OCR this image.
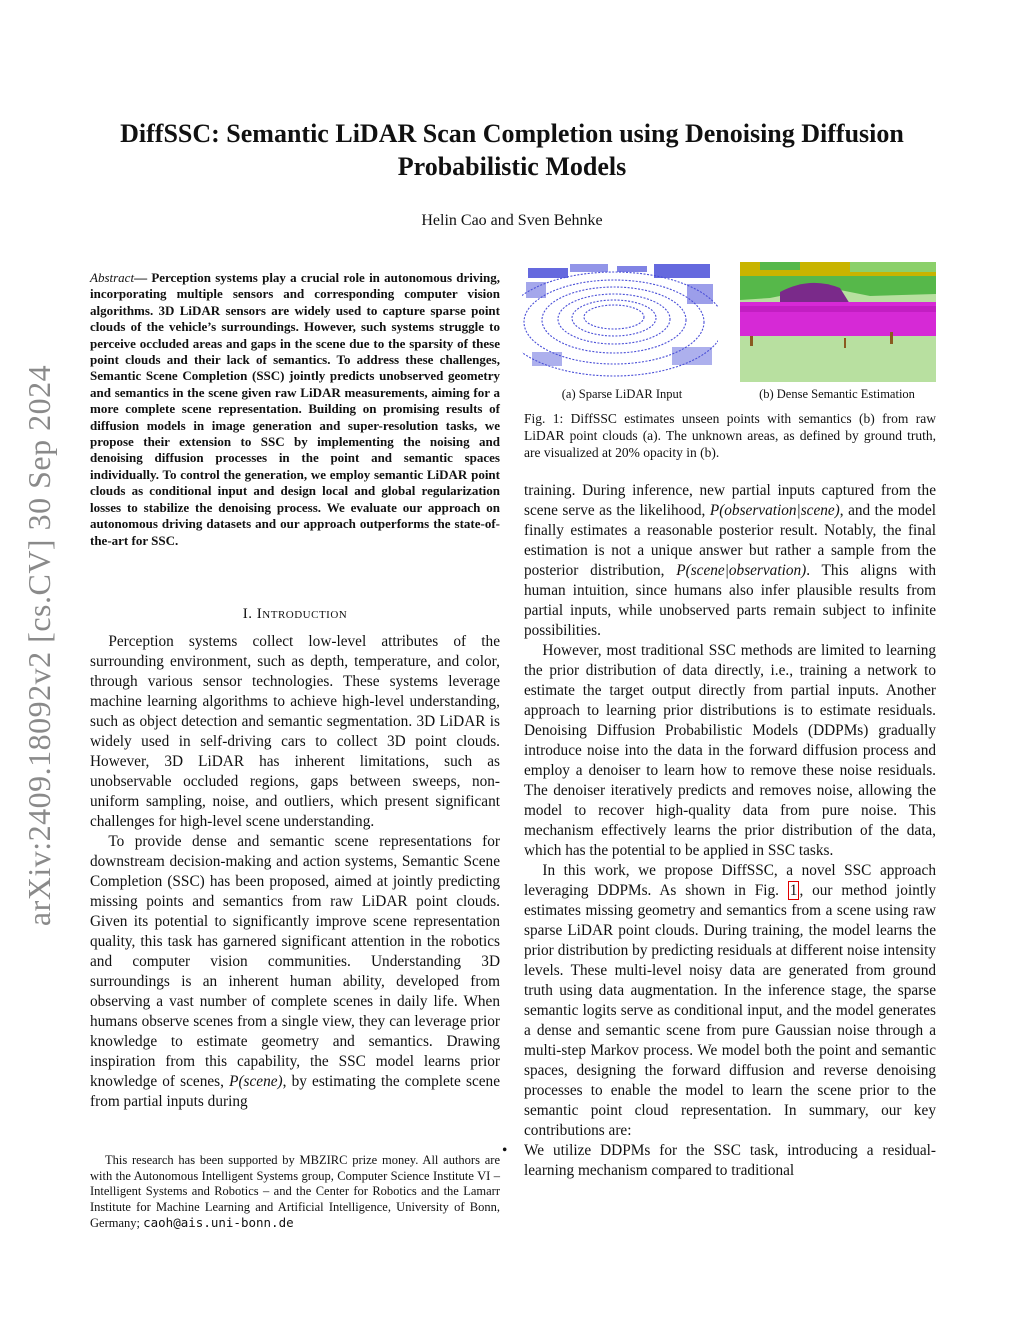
DiffSSC: Semantic LiDAR Scan Completion using Denoising Diffusion Probabilistic Models
Helin Cao and Sven Behnke
arXiv:2409.18092v2 [cs.CV] 30 Sep 2024
Abstract— Perception systems play a crucial role in autonomous driving, incorporating multiple sensors and corresponding computer vision algorithms. 3D LiDAR sensors are widely used to capture sparse point clouds of the vehicle’s surroundings. However, such systems struggle to perceive occluded areas and gaps in the scene due to the sparsity of these point clouds and their lack of semantics. To address these challenges, Semantic Scene Completion (SSC) jointly predicts unobserved geometry and semantics in the scene given raw LiDAR measurements, aiming for a more complete scene representation. Building on promising results of diffusion models in image generation and super-resolution tasks, we propose their extension to SSC by implementing the noising and denoising diffusion processes in the point and semantic spaces individually. To control the generation, we employ semantic LiDAR point clouds as conditional input and design local and global regularization losses to stabilize the denoising process. We evaluate our approach on autonomous driving datasets and our approach outperforms the state-of-the-art for SSC.
I. Introduction

Perception systems collect low-level attributes of the surrounding environment, such as depth, temperature, and color, through various sensor technologies. These systems leverage machine learning algorithms to achieve high-level understanding, such as object detection and semantic segmentation. 3D LiDAR is widely used in self-driving cars to collect 3D point clouds. However, 3D LiDAR has inherent limitations, such as unobservable occluded regions, gaps between sweeps, non-uniform sampling, noise, and outliers, which present significant challenges for high-level scene understanding.

To provide dense and semantic scene representations for downstream decision-making and action systems, Semantic Scene Completion (SSC) has been proposed, aimed at jointly predicting missing points and semantics from raw LiDAR point clouds. Given its potential to significantly improve scene representation quality, this task has garnered significant attention in the robotics and computer vision communities. Understanding 3D surroundings is an inherent human ability, developed from observing a vast number of complete scenes in daily life. When humans observe scenes from a single view, they can leverage prior knowledge to estimate geometry and semantics. Drawing inspiration from this capability, the SSC model learns prior knowledge of scenes, P(scene), by estimating the complete scene from partial inputs during

This research has been supported by MBZIRC prize money. All authors are with the Autonomous Intelligent Systems group, Computer Science Institute VI – Intelligent Systems and Robotics – and the Center for Robotics and the Lamarr Institute for Machine Learning and Artificial Intelligence, University of Bonn, Germany; caoh@ais.uni-bonn.de
(a) Sparse LiDAR Input	(b) Dense Semantic Estimation
Fig. 1: DiffSSC estimates unseen points with semantics (b) from raw LiDAR point clouds (a). The unknown areas, as defined by ground truth, are visualized at 20% opacity in (b).

training. During inference, new partial inputs captured from the scene serve as the likelihood, P(observation|scene), and the model finally estimates a reasonable posterior result. Notably, the final estimation is not a unique answer but rather a sample from the posterior distribution, P(scene|observation). This aligns with human intuition, since humans also infer plausible results from partial inputs, while unobserved parts remain subject to infinite possibilities.

However, most traditional SSC methods are limited to learning the prior distribution of data directly, i.e., training a network to estimate the target output directly from partial inputs. Another approach to learning prior distributions is to estimate residuals. Denoising Diffusion Probabilistic Models (DDPMs) gradually introduce noise into the data in the forward diffusion process and employ a denoiser to learn how to remove these noise residuals. The denoiser iteratively predicts and removes noise, allowing the model to recover high-quality data from pure noise. This mechanism effectively learns the prior distribution of the data, which has the potential to be applied in SSC tasks.

In this work, we propose DiffSSC, a novel SSC approach leveraging DDPMs. As shown in Fig. 1 , our method jointly estimates missing geometry and semantics from a scene using raw sparse LiDAR point clouds. During training, the model learns the prior distribution by predicting residuals at different noise intensity levels. These multi-level noisy data are generated from ground truth using data augmentation. In the inference stage, the sparse semantic logits serve as conditional input, and the model generates a dense and semantic scene from pure Gaussian noise through a multi-step Markov process. We model both the point and semantic spaces, designing the forward diffusion and reverse denoising processes to enable the model to learn the scene prior to the semantic point cloud representation. In summary, our key contributions are:

• We utilize DDPMs for the SSC task, introducing a residual-learning mechanism compared to traditional
